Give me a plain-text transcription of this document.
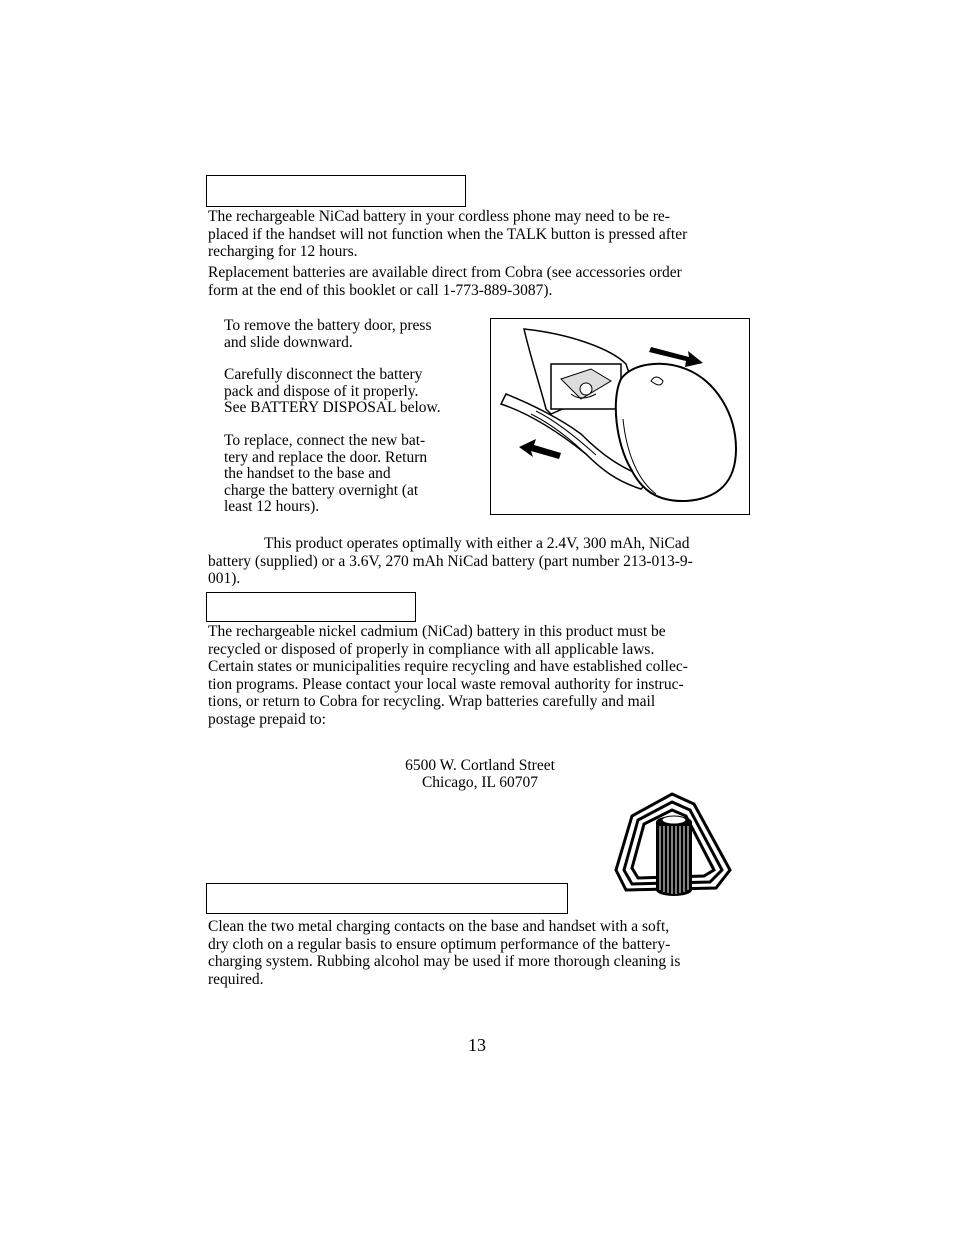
The rechargeable NiCad battery in your cordless phone may need to be re-
placed if the handset will not function when the TALK button is pressed after
recharging for 12 hours.

Replacement batteries are available direct from Cobra (see accessories order
form at the end of this booklet or call 1-773-889-3087).

To remove the battery door, press
and slide downward.

Carefully disconnect the battery
pack and dispose of it properly.
See BATTERY DISPOSAL below.

To replace, connect the new bat-
tery and replace the door. Return
the handset to the base and
charge the battery overnight (at
least 12 hours).

This product operates optimally with either a 2.4V, 300 mAh, NiCad
battery (supplied) or a 3.6V, 270 mAh NiCad battery (part number 213-013-9-
001).

The rechargeable nickel cadmium (NiCad) battery in this product must be
recycled or disposed of properly in compliance with all applicable laws.
Certain states or municipalities require recycling and have established collec-
tion programs. Please contact your local waste removal authority for instruc-
tions, or return to Cobra for recycling. Wrap batteries carefully and mail
postage prepaid to:

6500 W. Cortland Street

Chicago, IL 60707

Clean the two metal charging contacts on the base and handset with a soft,
dry cloth on a regular basis to ensure optimum performance of the battery-
charging system. Rubbing alcohol may be used if more thorough cleaning is
required.

13
